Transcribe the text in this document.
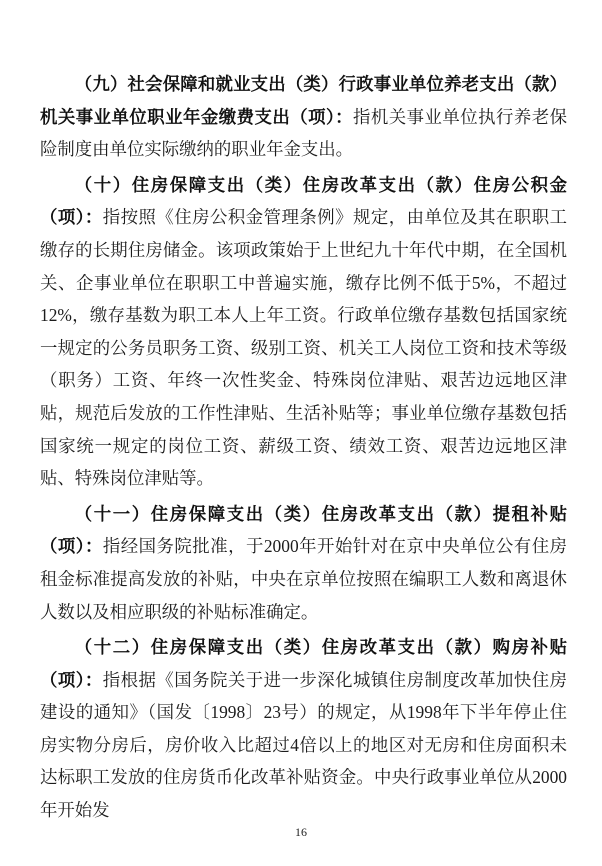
（九）社会保障和就业支出（类）行政事业单位养老支出（款）机关事业单位职业年金缴费支出（项）：指机关事业单位执行养老保险制度由单位实际缴纳的职业年金支出。

（十）住房保障支出（类）住房改革支出（款）住房公积金（项）：指按照《住房公积金管理条例》规定，由单位及其在职职工缴存的长期住房储金。该项政策始于上世纪九十年代中期，在全国机关、企事业单位在职职工中普遍实施，缴存比例不低于5%，不超过12%，缴存基数为职工本人上年工资。行政单位缴存基数包括国家统一规定的公务员职务工资、级别工资、机关工人岗位工资和技术等级（职务）工资、年终一次性奖金、特殊岗位津贴、艰苦边远地区津贴，规范后发放的工作性津贴、生活补贴等；事业单位缴存基数包括国家统一规定的岗位工资、薪级工资、绩效工资、艰苦边远地区津贴、特殊岗位津贴等。

（十一）住房保障支出（类）住房改革支出（款）提租补贴（项）：指经国务院批准，于2000年开始针对在京中央单位公有住房租金标准提高发放的补贴，中央在京单位按照在编职工人数和离退休人数以及相应职级的补贴标准确定。

（十二）住房保障支出（类）住房改革支出（款）购房补贴（项）：指根据《国务院关于进一步深化城镇住房制度改革加快住房建设的通知》（国发〔1998〕23号）的规定，从1998年下半年停止住房实物分房后，房价收入比超过4倍以上的地区对无房和住房面积未达标职工发放的住房货币化改革补贴资金。中央行政事业单位从2000年开始发

16
